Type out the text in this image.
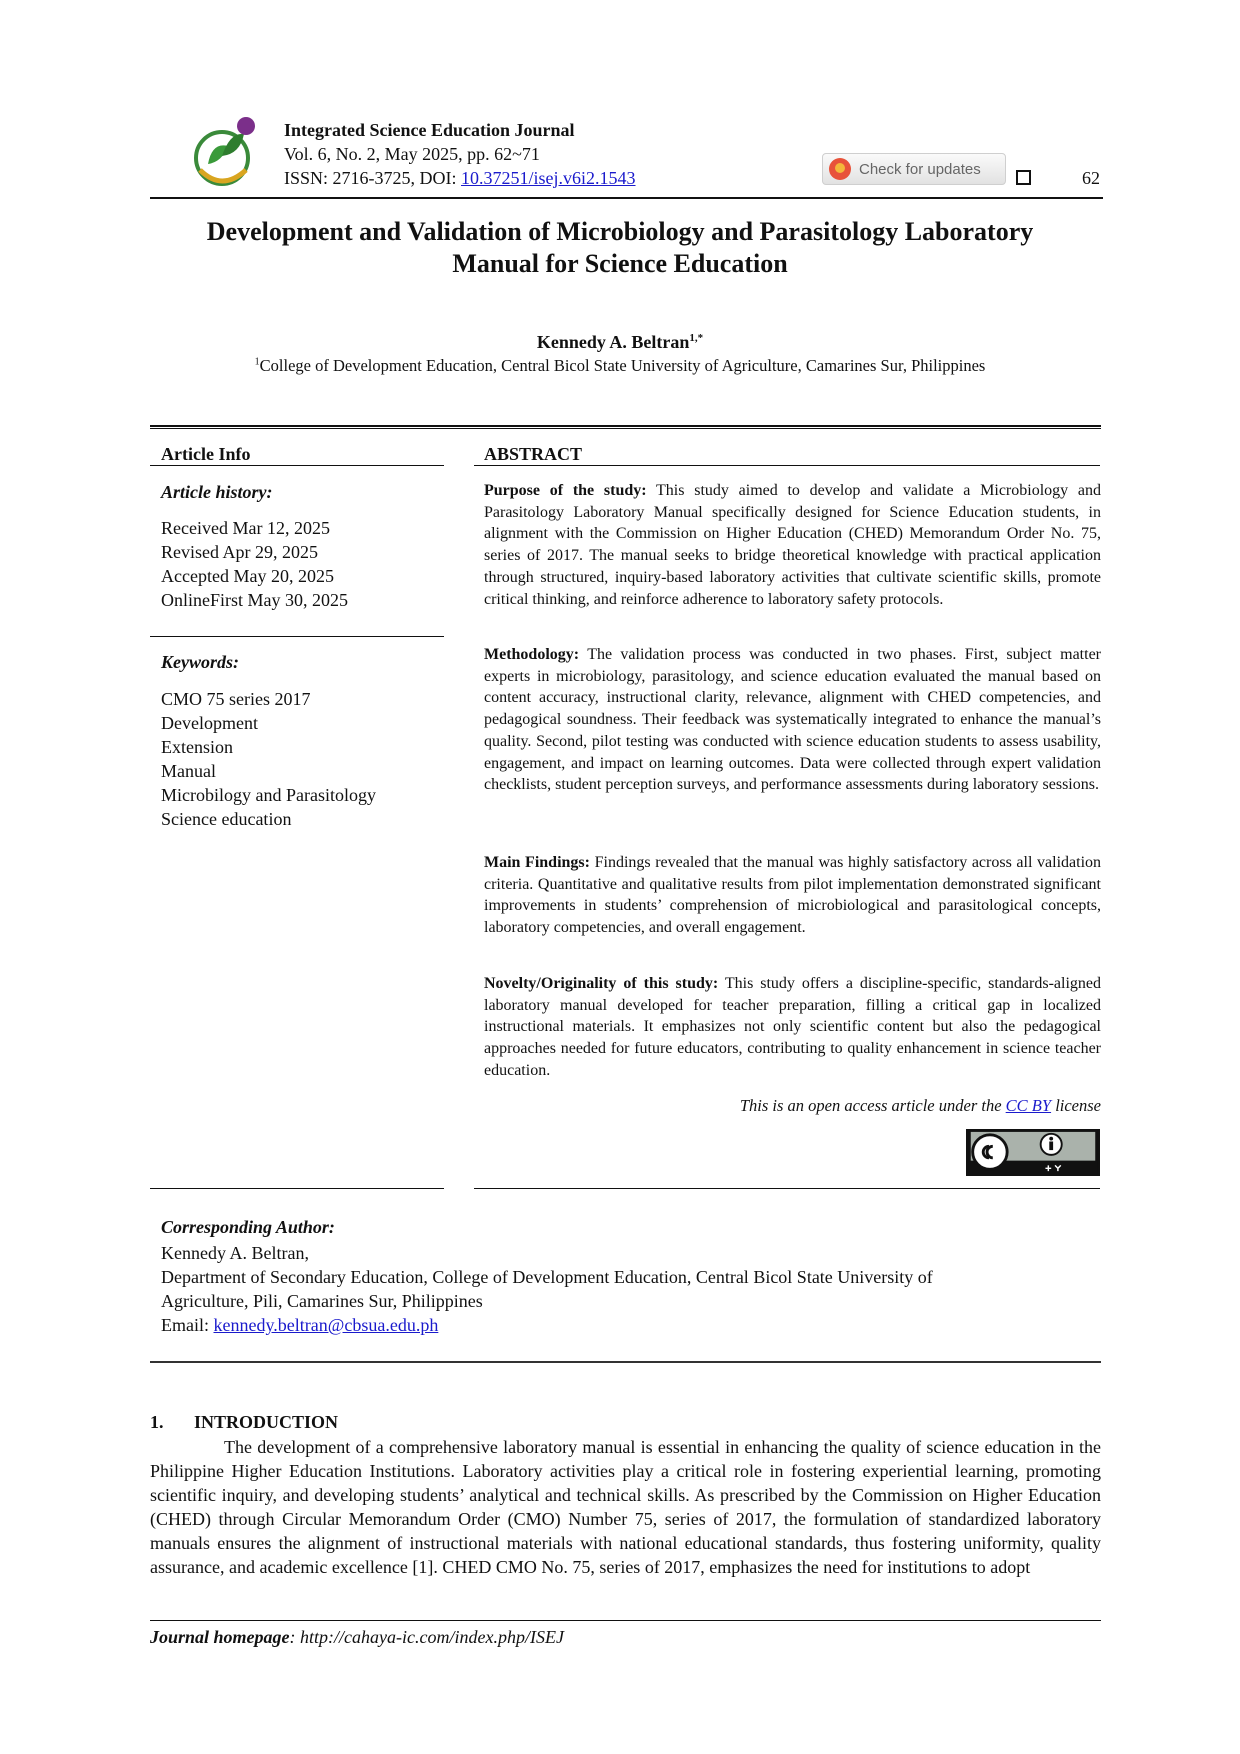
Integrated Science Education Journal
Vol. 6, No. 2, May 2025, pp. 62~71
ISSN: 2716-3725, DOI: 10.37251/isej.v6i2.1543	Check for updates	62
Development and Validation of Microbiology and Parasitology Laboratory
Manual for Science Education
Kennedy A. Beltran$^{1,*}$
$^1$College of Development Education, Central Bicol State University of Agriculture, Camarines Sur, Philippines
Article Info
Article history:
Received Mar 12, 2025
Revised Apr 29, 2025
Accepted May 20, 2025
OnlineFirst May 30, 2025
Keywords:
CMO 75 series 2017
Development
Extension
Manual
Microbilogy and Parasitology
Science education
ABSTRACT

Purpose of the study: This study aimed to develop and validate a Microbiology and Parasitology Laboratory Manual specifically designed for Science Education students, in alignment with the Commission on Higher Education (CHED) Memorandum Order No. 75, series of 2017. The manual seeks to bridge theoretical knowledge with practical application through structured, inquiry-based laboratory activities that cultivate scientific skills, promote critical thinking, and reinforce adherence to laboratory safety protocols.

Methodology: The validation process was conducted in two phases. First, subject matter experts in microbiology, parasitology, and science education evaluated the manual based on content accuracy, instructional clarity, relevance, alignment with CHED competencies, and pedagogical soundness. Their feedback was systematically integrated to enhance the manual’s quality. Second, pilot testing was conducted with science education students to assess usability, engagement, and impact on learning outcomes. Data were collected through expert validation checklists, student perception surveys, and performance assessments during laboratory sessions.

Main Findings: Findings revealed that the manual was highly satisfactory across all validation criteria. Quantitative and qualitative results from pilot implementation demonstrated significant improvements in students’ comprehension of microbiological and parasitological concepts, laboratory competencies, and overall engagement.

Novelty/Originality of this study: This study offers a discipline-specific, standards-aligned laboratory manual developed for teacher preparation, filling a critical gap in localized instructional materials. It emphasizes not only scientific content but also the pedagogical approaches needed for future educators, contributing to quality enhancement in science teacher education.

This is an open access article under the CC BY license
Corresponding Author:
Kennedy A. Beltran,
Department of Secondary Education, College of Development Education, Central Bicol State University of
Agriculture, Pili, Camarines Sur, Philippines
Email: kennedy.beltran@cbsua.edu.ph
1. INTRODUCTION

The development of a comprehensive laboratory manual is essential in enhancing the quality of science education in the Philippine Higher Education Institutions. Laboratory activities play a critical role in fostering experiential learning, promoting scientific inquiry, and developing students’ analytical and technical skills. As prescribed by the Commission on Higher Education (CHED) through Circular Memorandum Order (CMO) Number 75, series of 2017, the formulation of standardized laboratory manuals ensures the alignment of instructional materials with national educational standards, thus fostering uniformity, quality assurance, and academic excellence [1]. CHED CMO No. 75, series of 2017, emphasizes the need for institutions to adopt

Journal homepage: http://cahaya-ic.com/index.php/ISEJ
